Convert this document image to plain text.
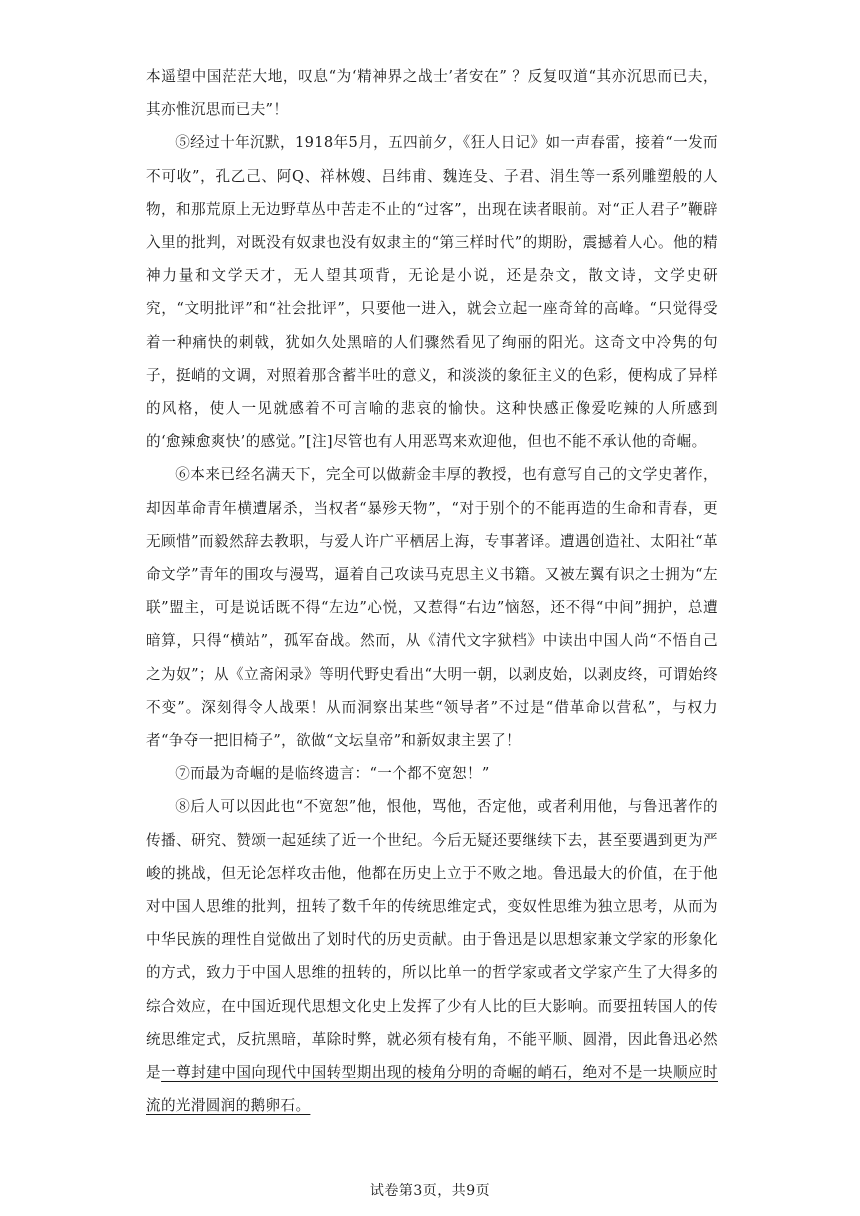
本遥望中国茫茫大地，叹息“为‘精神界之战士’者安在” ？反复叹道“其亦沉思而已夫，其亦惟沉思而已夫”！

⑤经过十年沉默，1918年5月，五四前夕，《狂人日记》如一声春雷，接着“一发而不可收”，孔乙己、阿Q、祥林嫂、吕纬甫、魏连殳、子君、涓生等一系列雕塑般的人物，和那荒原上无边野草丛中苦走不止的“过客”，出现在读者眼前。对“正人君子”鞭辟入里的批判，对既没有奴隶也没有奴隶主的“第三样时代”的期盼，震撼着人心。他的精神力量和文学天才，无人望其项背，无论是小说，还是杂文，散文诗，文学史研究，“文明批评”和“社会批评”，只要他一进入，就会立起一座奇耸的高峰。“只觉得受着一种痛快的刺戟，犹如久处黑暗的人们骤然看见了绚丽的阳光。这奇文中冷隽的句子，挺峭的文调，对照着那含蓄半吐的意义，和淡淡的象征主义的色彩，便构成了异样的风格，使人一见就感着不可言喻的悲哀的愉快。这种快感正像爱吃辣的人所感到的‘愈辣愈爽快’的感觉。”[注]尽管也有人用恶骂来欢迎他，但也不能不承认他的奇崛。

⑥本来已经名满天下，完全可以做薪金丰厚的教授，也有意写自己的文学史著作，却因革命青年横遭屠杀，当权者“暴殄天物”，“对于别个的不能再造的生命和青春，更无顾惜”而毅然辞去教职，与爱人许广平栖居上海，专事著译。遭遇创造社、太阳社“革命文学”青年的围攻与漫骂，逼着自己攻读马克思主义书籍。又被左翼有识之士拥为“左联”盟主，可是说话既不得“左边”心悦，又惹得“右边”恼怒，还不得“中间”拥护，总遭暗算，只得“横站”，孤军奋战。然而，从《清代文字狱档》中读出中国人尚“不悟自己之为奴”；从《立斋闲录》等明代野史看出“大明一朝，以剥皮始，以剥皮终，可谓始终不变”。深刻得令人战栗！从而洞察出某些“领导者”不过是“借革命以营私”，与权力者“争夺一把旧椅子”，欲做“文坛皇帝”和新奴隶主罢了！

⑦而最为奇崛的是临终遗言：“一个都不宽恕！”

⑧后人可以因此也“不宽恕”他，恨他，骂他，否定他，或者利用他，与鲁迅著作的传播、研究、赞颂一起延续了近一个世纪。今后无疑还要继续下去，甚至要遇到更为严峻的挑战，但无论怎样攻击他，他都在历史上立于不败之地。鲁迅最大的价值，在于他对中国人思维的批判，扭转了数千年的传统思维定式，变奴性思维为独立思考，从而为中华民族的理性自觉做出了划时代的历史贡献。由于鲁迅是以思想家兼文学家的形象化的方式，致力于中国人思维的扭转的，所以比单一的哲学家或者文学家产生了大得多的综合效应，在中国近现代思想文化史上发挥了少有人比的巨大影响。而要扭转国人的传统思维定式，反抗黑暗，革除时弊，就必须有棱有角，不能平顺、圆滑，因此鲁迅必然是一尊封建中国向现代中国转型期出现的棱角分明的奇崛的峭石，绝对不是一块顺应时流的光滑圆润的鹅卵石。

试卷第3页，共9页
